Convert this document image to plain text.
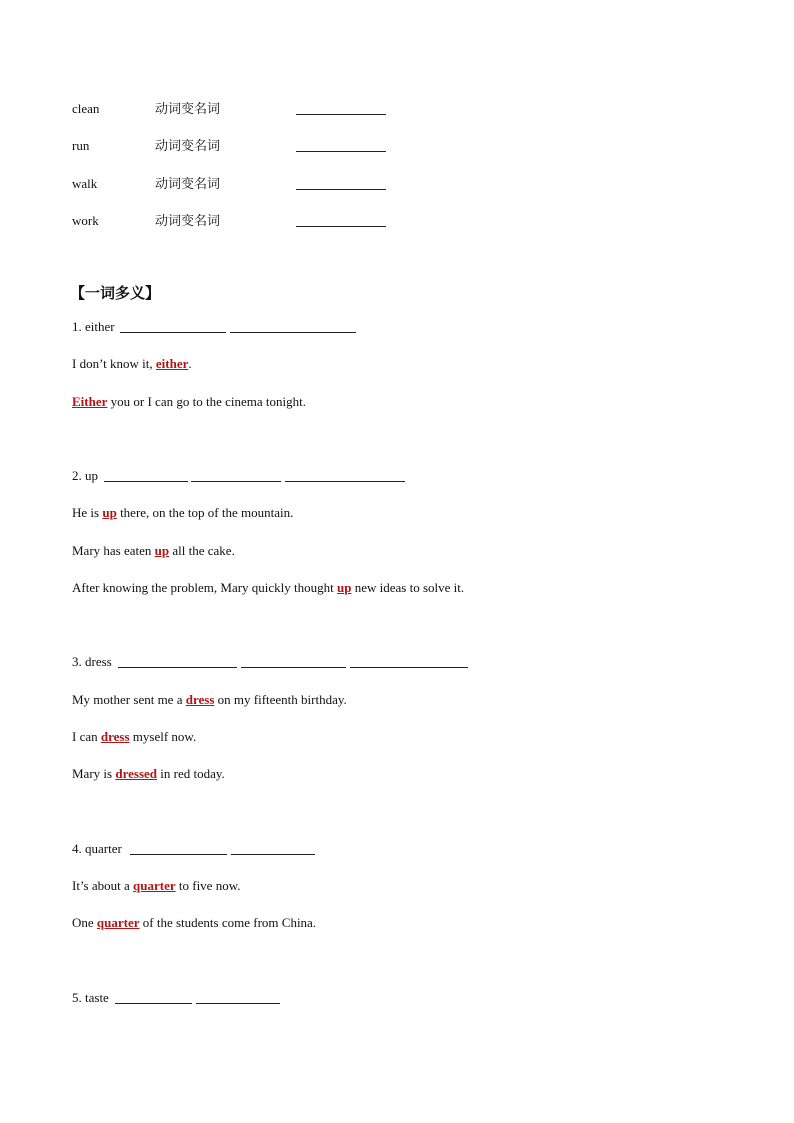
clean	动词变名词
run	动词变名词
walk	动词变名词
work	动词变名词
【一词多义】
1. either
I don’t know it, either.
Either you or I can go to the cinema tonight.
2. up
He is up there, on the top of the mountain.
Mary has eaten up all the cake.
After knowing the problem, Mary quickly thought up new ideas to solve it.
3. dress
My mother sent me a dress on my fifteenth birthday.
I can dress myself now.
Mary is dressed in red today.
4. quarter
It’s about a quarter to five now.
One quarter of the students come from China.
5. taste
